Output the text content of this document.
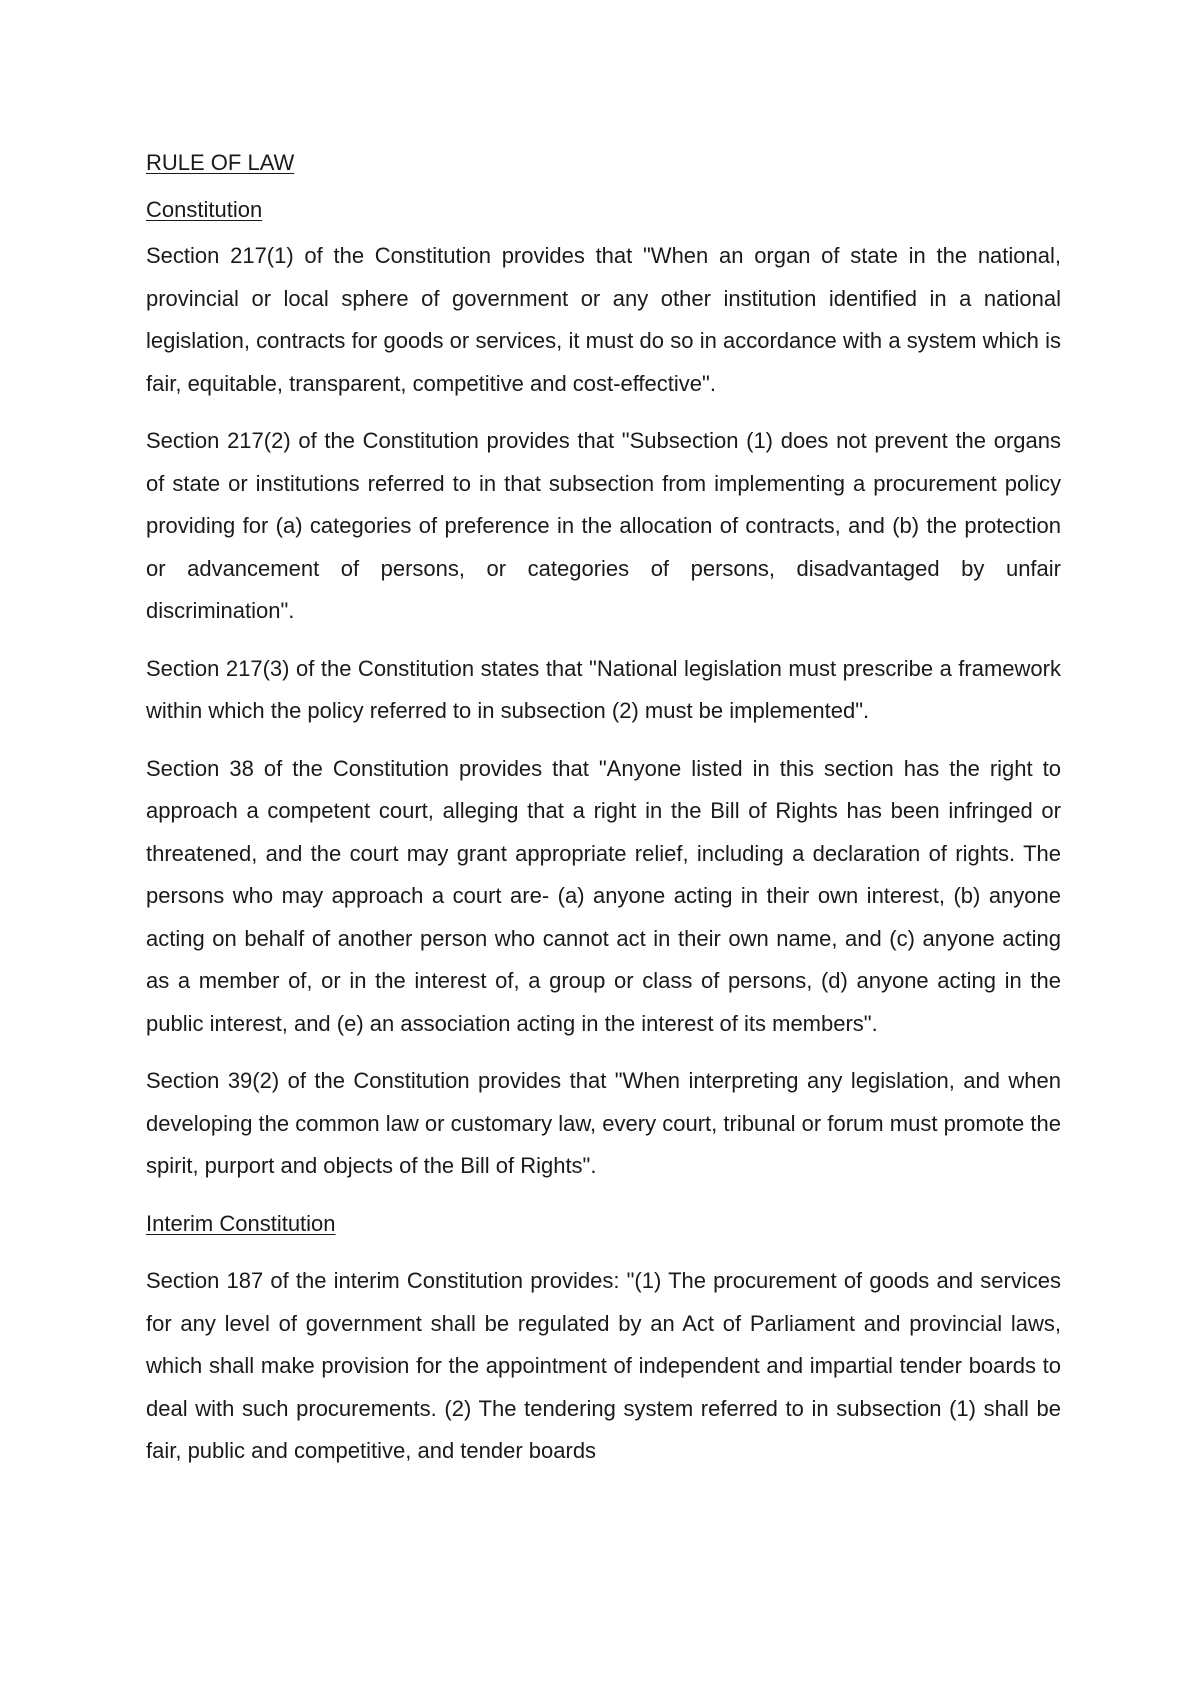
RULE OF LAW
Constitution

Section 217(1) of the Constitution provides that "When an organ of state in the national, provincial or local sphere of government or any other institution identified in a national legislation, contracts for goods or services, it must do so in accordance with a system which is fair, equitable, transparent, competitive and cost-effective".

Section 217(2) of the Constitution provides that "Subsection (1) does not prevent the organs of state or institutions referred to in that subsection from implementing a procurement policy providing for (a) categories of preference in the allocation of contracts, and (b) the protection or advancement of persons, or categories of persons, disadvantaged by unfair discrimination".

Section 217(3) of the Constitution states that "National legislation must prescribe a framework within which the policy referred to in subsection (2) must be implemented".

Section 38 of the Constitution provides that "Anyone listed in this section has the right to approach a competent court, alleging that a right in the Bill of Rights has been infringed or threatened, and the court may grant appropriate relief, including a declaration of rights. The persons who may approach a court are- (a) anyone acting in their own interest, (b) anyone acting on behalf of another person who cannot act in their own name, and (c) anyone acting as a member of, or in the interest of, a group or class of persons, (d) anyone acting in the public interest, and (e) an association acting in the interest of its members".

Section 39(2) of the Constitution provides that "When interpreting any legislation, and when developing the common law or customary law, every court, tribunal or forum must promote the spirit, purport and objects of the Bill of Rights".

Interim Constitution

Section 187 of the interim Constitution provides: "(1) The procurement of goods and services for any level of government shall be regulated by an Act of Parliament and provincial laws, which shall make provision for the appointment of independent and impartial tender boards to deal with such procurements. (2) The tendering system referred to in subsection (1) shall be fair, public and competitive, and tender boards
